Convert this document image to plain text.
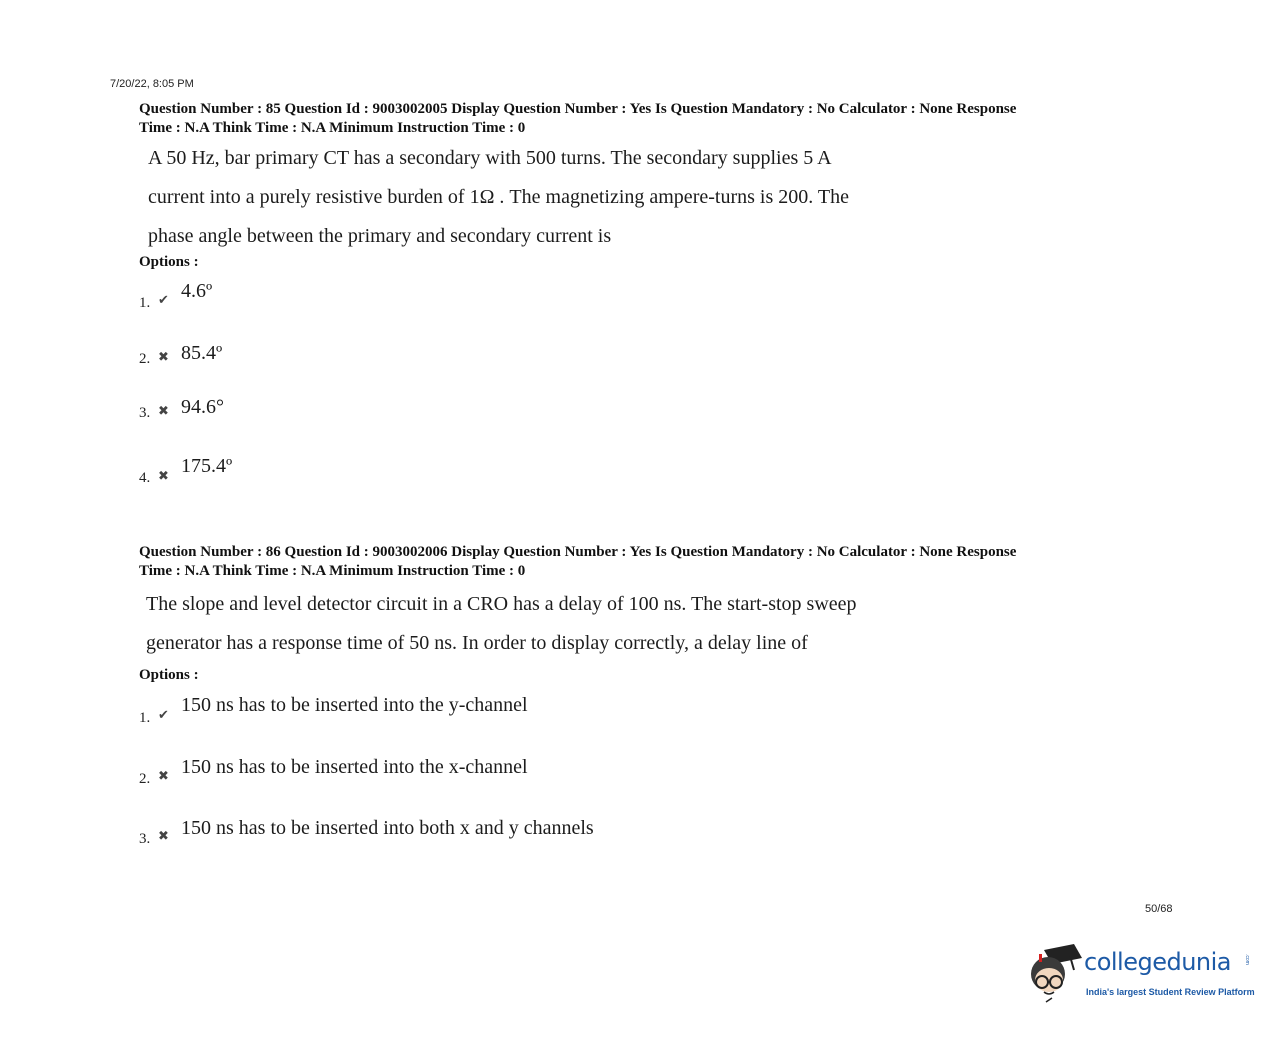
7/20/22, 8:05 PM
Question Number : 85 Question Id : 9003002005 Display Question Number : Yes Is Question Mandatory : No Calculator : None Response
Time : N.A Think Time : N.A Minimum Instruction Time : 0

A 50 Hz, bar primary CT has a secondary with 500 turns. The secondary supplies 5 A

current into a purely resistive burden of 1Ω . The magnetizing ampere-turns is 200. The

phase angle between the primary and secondary current is

Options :
1. ✔ 4.6º
2. ✖ 85.4º
3. ✖ 94.6°
4. ✖ 175.4º
Question Number : 86 Question Id : 9003002006 Display Question Number : Yes Is Question Mandatory : No Calculator : None Response
Time : N.A Think Time : N.A Minimum Instruction Time : 0

The slope and level detector circuit in a CRO has a delay of 100 ns. The start-stop sweep

generator has a response time of 50 ns. In order to display correctly, a delay line of

Options :
1. ✔ 150 ns has to be inserted into the y-channel
2. ✖ 150 ns has to be inserted into the x-channel
3. ✖ 150 ns has to be inserted into both x and y channels
50/68
collegedunia	.com
India's largest Student Review Platform
